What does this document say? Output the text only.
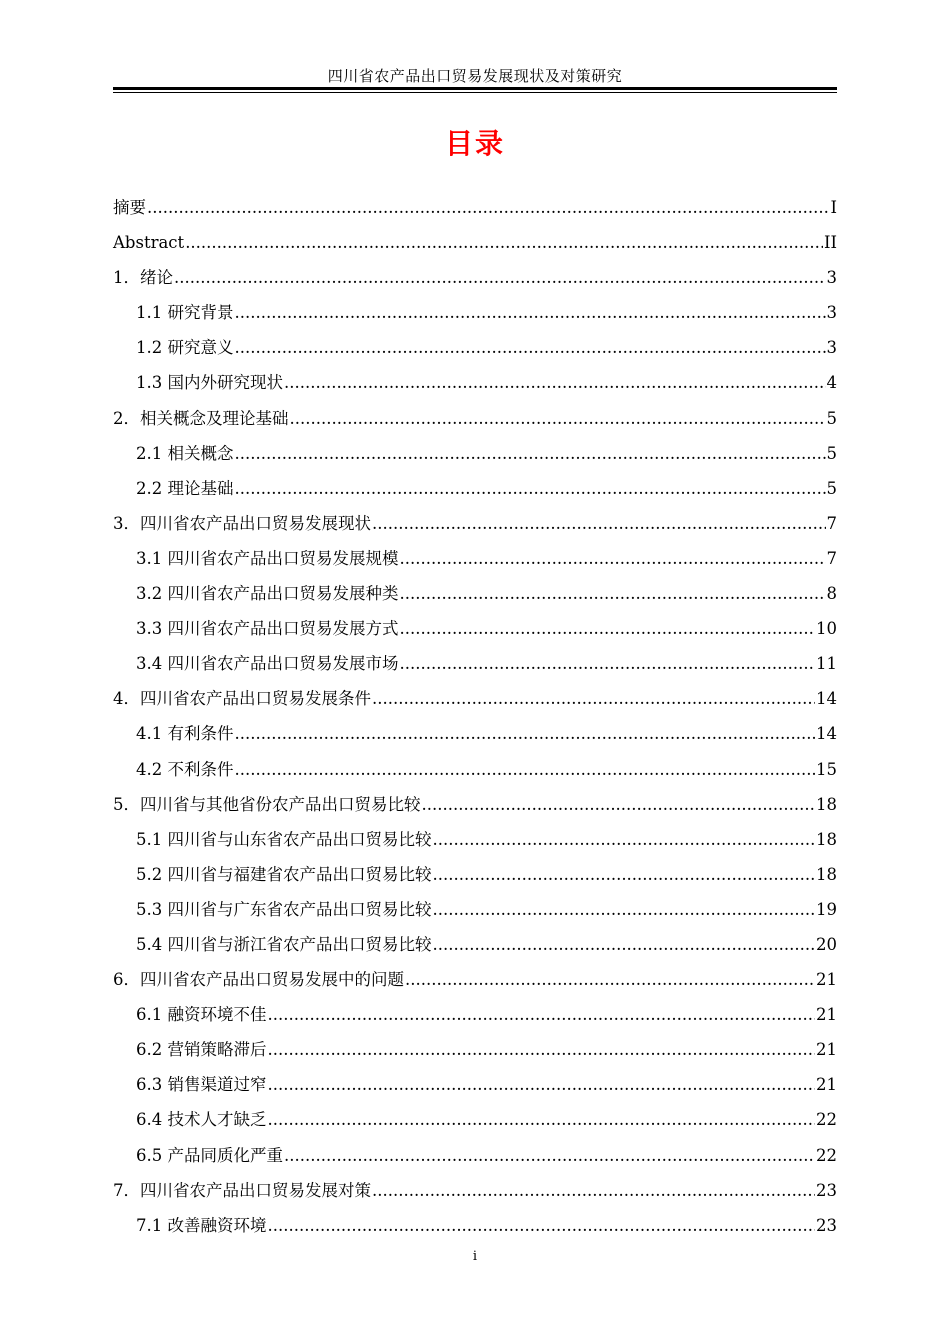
四川省农产品出口贸易发展现状及对策研究
目录
摘要 .....	I
Abstract .....	II
1．绪论 .....	3
1.1 研究背景 .....	3
1.2 研究意义 .....	3
1.3 国内外研究现状 .....	4
2．相关概念及理论基础 .....	5
2.1 相关概念 .....	5
2.2 理论基础 .....	5
3．四川省农产品出口贸易发展现状 .....	7
3.1 四川省农产品出口贸易发展规模 .....	7
3.2 四川省农产品出口贸易发展种类 .....	8
3.3 四川省农产品出口贸易发展方式 .....	10
3.4 四川省农产品出口贸易发展市场 .....	11
4．四川省农产品出口贸易发展条件 .....	14
4.1 有利条件 .....	14
4.2 不利条件 .....	15
5．四川省与其他省份农产品出口贸易比较 .....	18
5.1 四川省与山东省农产品出口贸易比较 .....	18
5.2 四川省与福建省农产品出口贸易比较 .....	18
5.3 四川省与广东省农产品出口贸易比较 .....	19
5.4 四川省与浙江省农产品出口贸易比较 .....	20
6．四川省农产品出口贸易发展中的问题 .....	21
6.1 融资环境不佳 .....	21
6.2 营销策略滞后 .....	21
6.3 销售渠道过窄 .....	21
6.4 技术人才缺乏 .....	22
6.5 产品同质化严重 .....	22
7．四川省农产品出口贸易发展对策 .....	23
7.1 改善融资环境 .....	23
i
